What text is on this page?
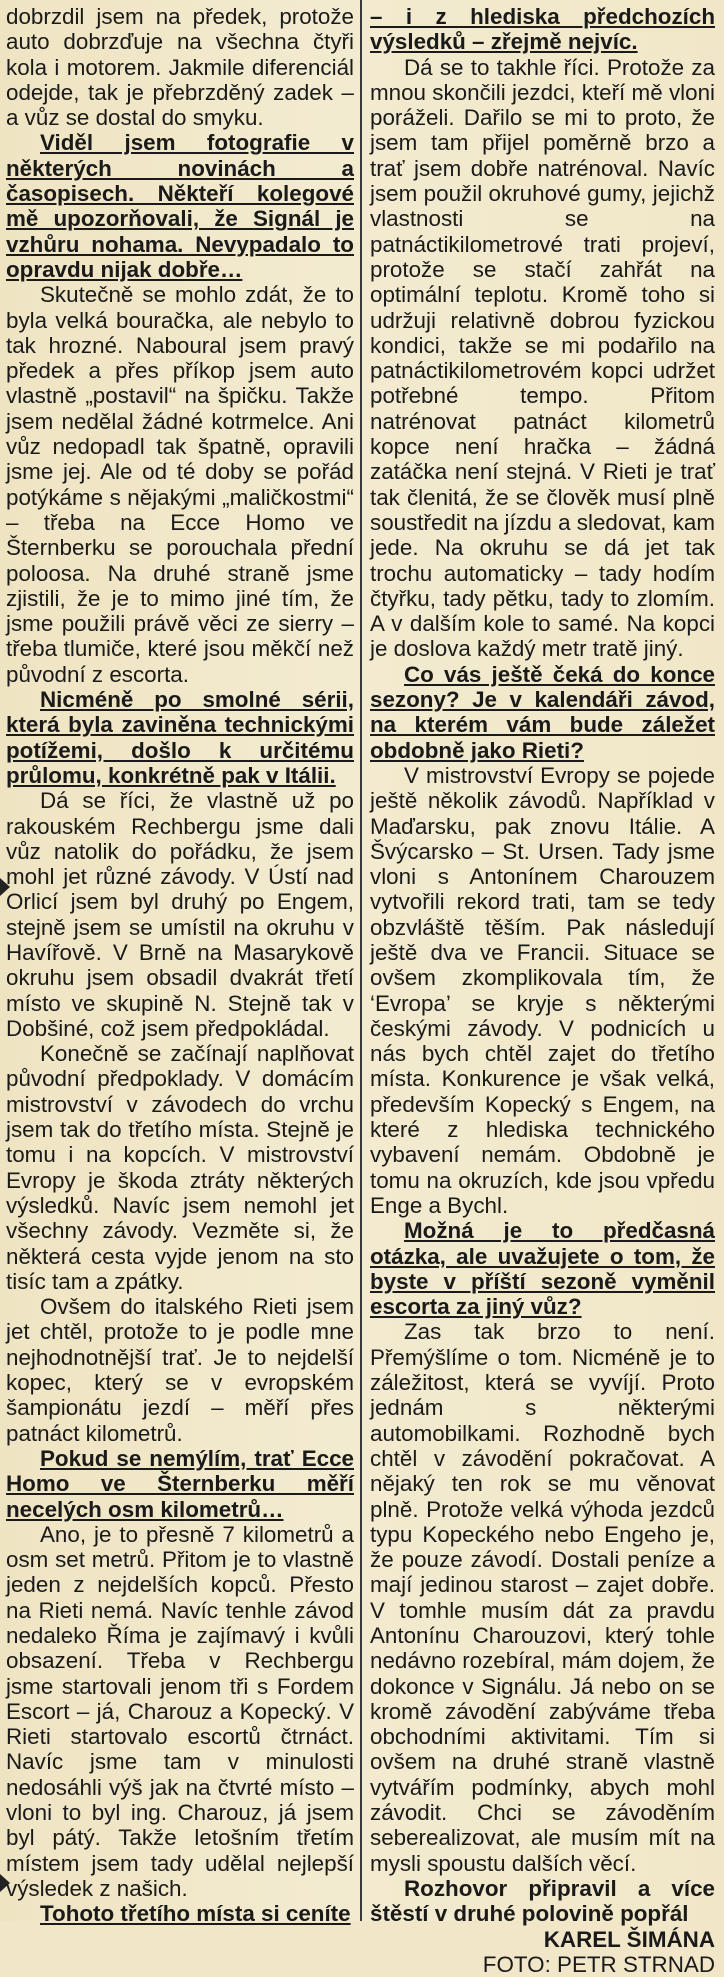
dobrzdil jsem na předek, protože auto dobrzďuje na všechna čtyři kola i motorem. Jakmile diferenciál odejde, tak je přebrzděný zadek – a vůz se dostal do smyku.

Viděl jsem fotografie v některých novinách a časopisech. Někteří kolegové mě upozorňovali, že Signál je vzhůru nohama. Nevypadalo to opravdu nijak dobře…

Skutečně se mohlo zdát, že to byla velká bouračka, ale nebylo to tak hrozné. Naboural jsem pravý předek a přes příkop jsem auto vlastně „postavil“ na špičku. Takže jsem nedělal žádné kotrmelce. Ani vůz nedopadl tak špatně, opravili jsme jej. Ale od té doby se pořád potýkáme s nějakými „maličkostmi“ – třeba na Ecce Homo ve Šternberku se porouchala přední poloosa. Na druhé straně jsme zjistili, že je to mimo jiné tím, že jsme použili právě věci ze sierry – třeba tlumiče, které jsou měkčí než původní z escorta.

Nicméně po smolné sérii, která byla zaviněna technickými potížemi, došlo k určitému průlomu, konkrétně pak v Itálii.

Dá se říci, že vlastně už po rakouském Rechbergu jsme dali vůz natolik do pořádku, že jsem mohl jet různé závody. V Ústí nad Orlicí jsem byl druhý po Engem, stejně jsem se umístil na okruhu v Havířově. V Brně na Masarykově okruhu jsem obsadil dvakrát třetí místo ve skupině N. Stejně tak v Dobšiné, což jsem předpokládal.

Konečně se začínají naplňovat původní předpoklady. V domácím mistrovství v závodech do vrchu jsem tak do třetího místa. Stejně je tomu i na kopcích. V mistrovství Evropy je škoda ztráty některých výsledků. Navíc jsem nemohl jet všechny závody. Vezměte si, že některá cesta vyjde jenom na sto tisíc tam a zpátky.

Ovšem do italského Rieti jsem jet chtěl, protože to je podle mne nejhodnotnější trať. Je to nejdelší kopec, který se v evropském šampionátu jezdí – měří přes patnáct kilometrů.

Pokud se nemýlím, trať Ecce Homo ve Šternberku měří necelých osm kilometrů…

Ano, je to přesně 7 kilometrů a osm set metrů. Přitom je to vlastně jeden z nejdelších kopců. Přesto na Rieti nemá. Navíc tenhle závod nedaleko Říma je zajímavý i kvůli obsazení. Třeba v Rechbergu jsme startovali jenom tři s Fordem Escort – já, Charouz a Kopecký. V Rieti startovalo escortů čtrnáct. Navíc jsme tam v minulosti nedosáhli výš jak na čtvrté místo – vloni to byl ing. Charouz, já jsem byl pátý. Takže letošním třetím místem jsem tady udělal nejlepší výsledek z našich.

Tohoto třetího místa si ceníte

– i z hlediska předchozích výsledků – zřejmě nejvíc.

Dá se to takhle říci. Protože za mnou skončili jezdci, kteří mě vloni poráželi. Dařilo se mi to proto, že jsem tam přijel poměrně brzo a trať jsem dobře natrénoval. Navíc jsem použil okruhové gumy, jejichž vlastnosti se na patnáctikilometrové trati projeví, protože se stačí zahřát na optimální teplotu. Kromě toho si udržuji relativně dobrou fyzickou kondici, takže se mi podařilo na patnáctikilometrovém kopci udržet potřebné tempo. Přitom natrénovat patnáct kilometrů kopce není hračka – žádná zatáčka není stejná. V Rieti je trať tak členitá, že se člověk musí plně soustředit na jízdu a sledovat, kam jede. Na okruhu se dá jet tak trochu automaticky – tady hodím čtyřku, tady pětku, tady to zlomím. A v dalším kole to samé. Na kopci je doslova každý metr tratě jiný.

Co vás ještě čeká do konce sezony? Je v kalendáři závod, na kterém vám bude záležet obdobně jako Rieti?

V mistrovství Evropy se pojede ještě několik závodů. Například v Maďarsku, pak znovu Itálie. A Švýcarsko – St. Ursen. Tady jsme vloni s Antonínem Charouzem vytvořili rekord trati, tam se tedy obzvláště těším. Pak následují ještě dva ve Francii. Situace se ovšem zkomplikovala tím, že ‘Evropa’ se kryje s některými českými závody. V podnicích u nás bych chtěl zajet do třetího místa. Konkurence je však velká, především Kopecký s Engem, na které z hlediska technického vybavení nemám. Obdobně je tomu na okruzích, kde jsou vpředu Enge a Bychl.

Možná je to předčasná otázka, ale uvažujete o tom, že byste v příští sezoně vyměnil escorta za jiný vůz?

Zas tak brzo to není. Přemýšlíme o tom. Nicméně je to záležitost, která se vyvíjí. Proto jednám s některými automobilkami. Rozhodně bych chtěl v závodění pokračovat. A nějaký ten rok se mu věnovat plně. Protože velká výhoda jezdců typu Kopeckého nebo Engeho je, že pouze závodí. Dostali peníze a mají jedinou starost – zajet dobře. V tomhle musím dát za pravdu Antonínu Charouzovi, který tohle nedávno rozebíral, mám dojem, že dokonce v Signálu. Já nebo on se kromě závodění zabýváme třeba obchodními aktivitami. Tím si ovšem na druhé straně vlastně vytvářím podmínky, abych mohl závodit. Chci se závoděním seberealizovat, ale musím mít na mysli spoustu dalších věcí.

Rozhovor připravil a více štěstí v druhé polovině popřál

KAREL ŠIMÁNA

FOTO: PETR STRNAD
